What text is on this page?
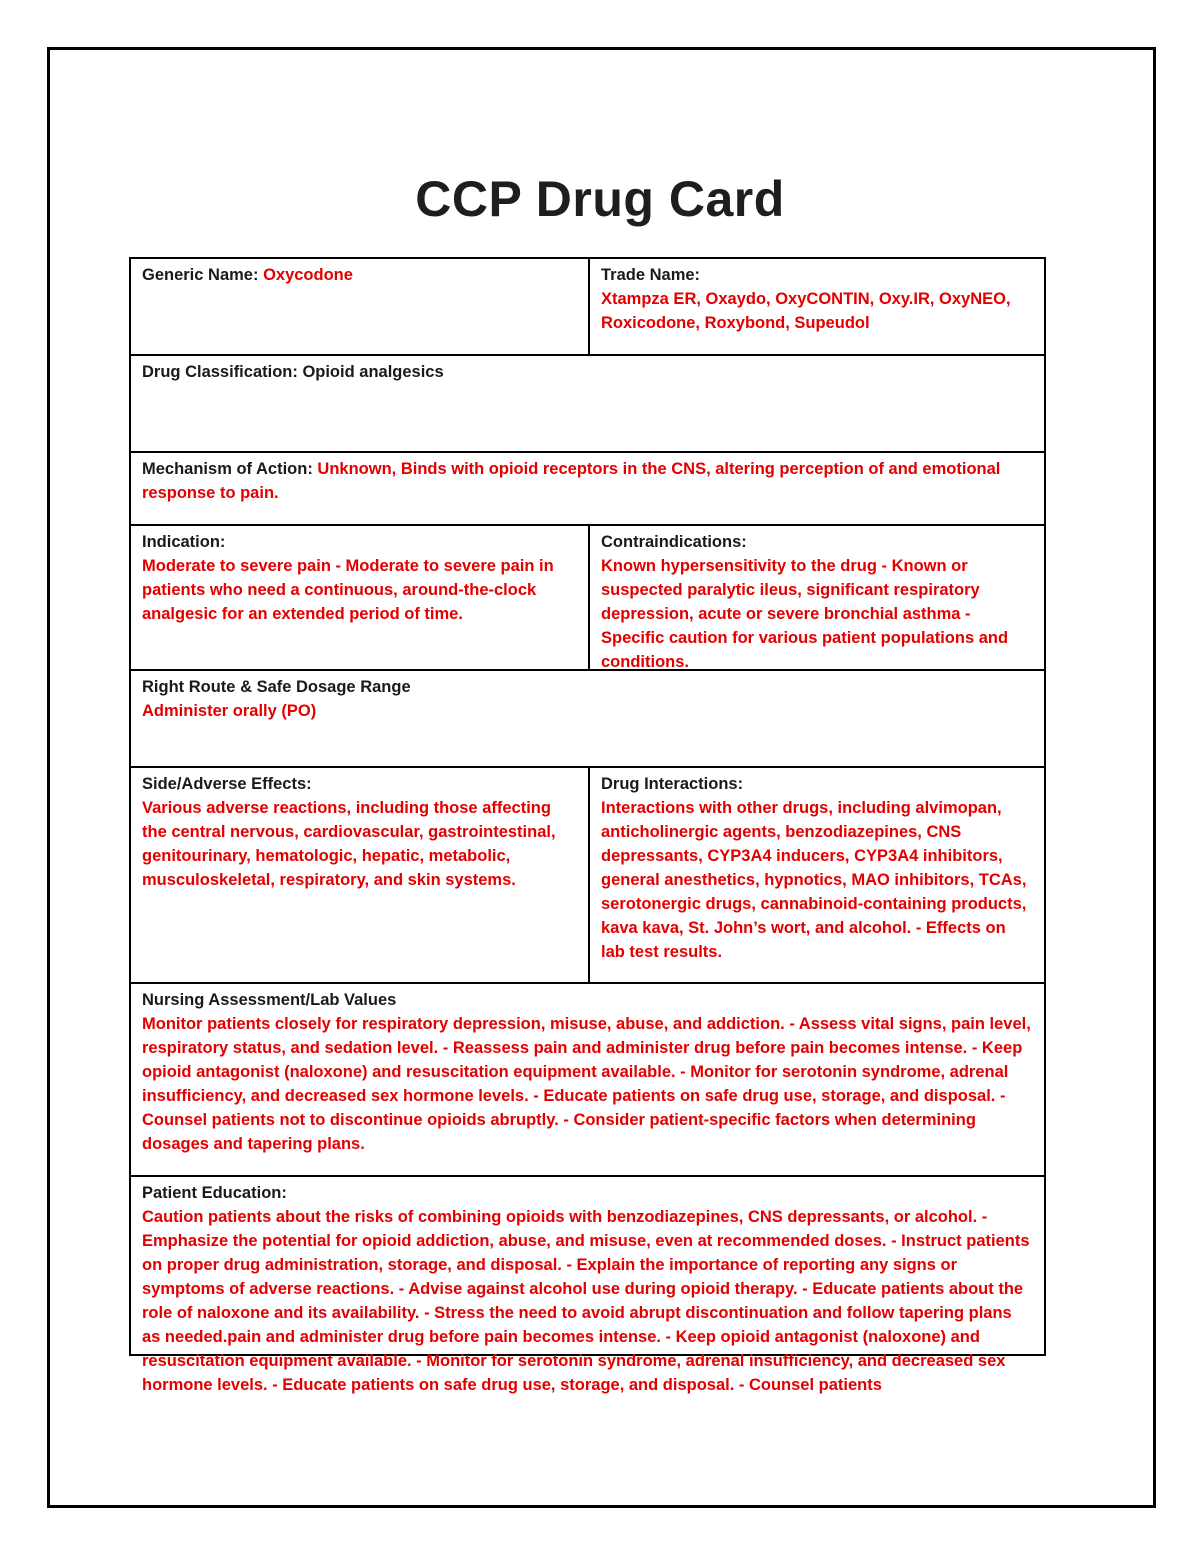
CCP Drug Card
Generic Name: Oxycodone	Trade Name:
Xtampza ER, Oxaydo, OxyCONTIN, Oxy.IR, OxyNEO, Roxicodone, Roxybond, Supeudol
Drug Classification: Opioid analgesics
Mechanism of Action: Unknown, Binds with opioid receptors in the CNS, altering perception of and emotional response to pain.
Indication:
Moderate to severe pain - Moderate to severe pain in patients who need a continuous, around-the-clock analgesic for an extended period of time.
Contraindications:
Known hypersensitivity to the drug - Known or suspected paralytic ileus, significant respiratory depression, acute or severe bronchial asthma - Specific caution for various patient populations and conditions.
Right Route & Safe Dosage Range
Administer orally (PO)
Side/Adverse Effects:
Various adverse reactions, including those affecting the central nervous, cardiovascular, gastrointestinal, genitourinary, hematologic, hepatic, metabolic, musculoskeletal, respiratory, and skin systems.
Drug Interactions:
Interactions with other drugs, including alvimopan, anticholinergic agents, benzodiazepines, CNS depressants, CYP3A4 inducers, CYP3A4 inhibitors, general anesthetics, hypnotics, MAO inhibitors, TCAs, serotonergic drugs, cannabinoid-containing products, kava kava, St. John’s wort, and alcohol. - Effects on lab test results.
Nursing Assessment/Lab Values
Monitor patients closely for respiratory depression, misuse, abuse, and addiction. - Assess vital signs, pain level, respiratory status, and sedation level. - Reassess pain and administer drug before pain becomes intense. - Keep opioid antagonist (naloxone) and resuscitation equipment available. - Monitor for serotonin syndrome, adrenal insufficiency, and decreased sex hormone levels. - Educate patients on safe drug use, storage, and disposal. - Counsel patients not to discontinue opioids abruptly. - Consider patient-specific factors when determining dosages and tapering plans.
Patient Education:
Caution patients about the risks of combining opioids with benzodiazepines, CNS depressants, or alcohol. - Emphasize the potential for opioid addiction, abuse, and misuse, even at recommended doses. - Instruct patients on proper drug administration, storage, and disposal. - Explain the importance of reporting any signs or symptoms of adverse reactions. - Advise against alcohol use during opioid therapy. - Educate patients about the role of naloxone and its availability. - Stress the need to avoid abrupt discontinuation and follow tapering plans as needed.pain and administer drug before pain becomes intense. - Keep opioid antagonist (naloxone) and resuscitation equipment available. - Monitor for serotonin syndrome, adrenal insufficiency, and decreased sex hormone levels. - Educate patients on safe drug use, storage, and disposal. - Counsel patients
